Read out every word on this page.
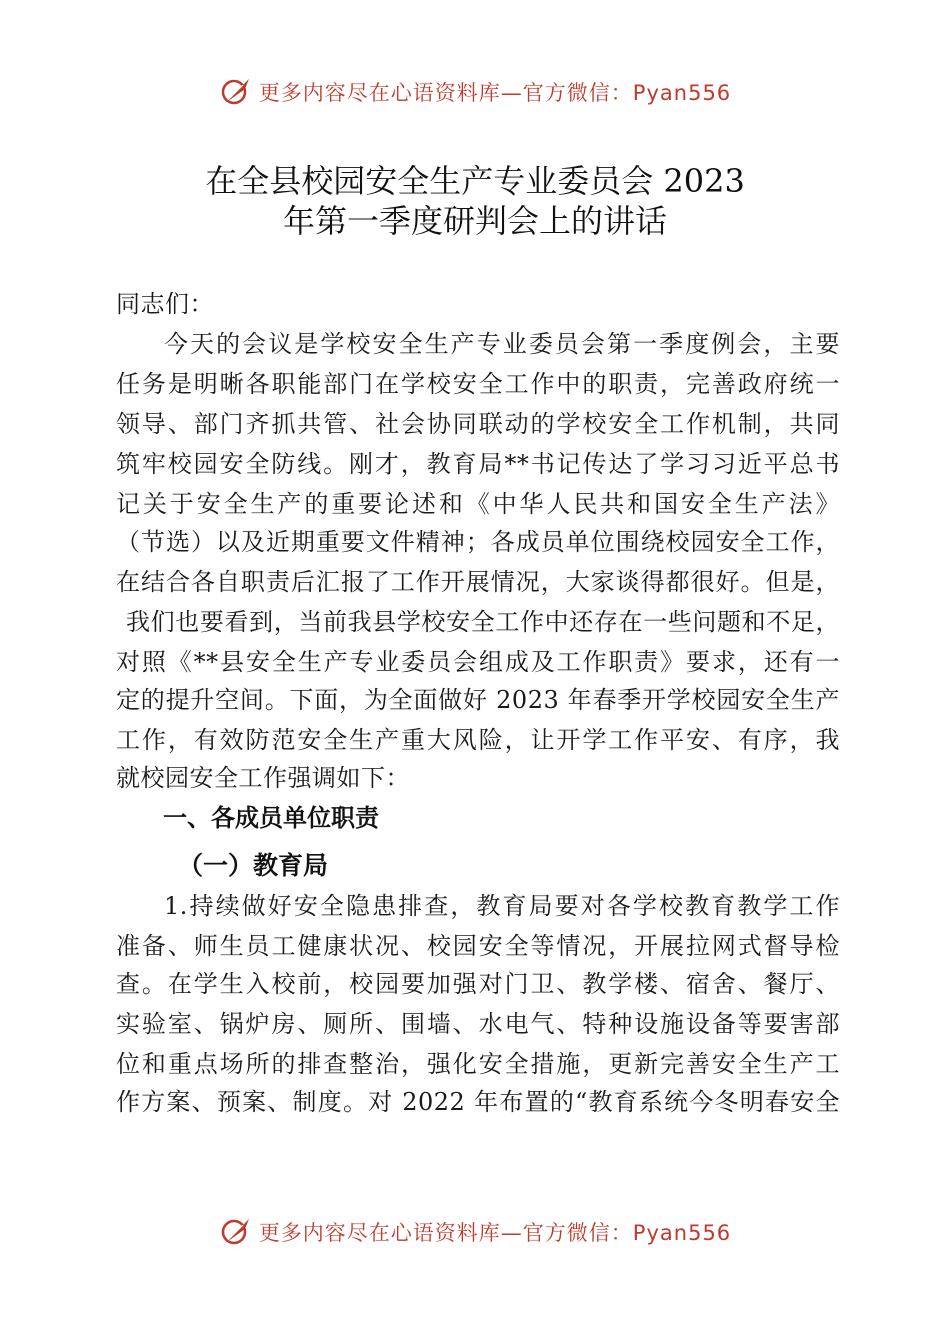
更多内容尽在心语资料库—官方微信：Pyan556
在全县校园安全生产专业委员会 2023
年第一季度研判会上的讲话
同志们：
今天的会议是学校安全生产专业委员会第一季度例会，主要
任务是明晰各职能部门在学校安全工作中的职责，完善政府统一
领导、部门齐抓共管、社会协同联动的学校安全工作机制，共同
筑牢校园安全防线。刚才，教育局**书记传达了学习习近平总书
记关于安全生产的重要论述和《中华人民共和国安全生产法》
（节选）以及近期重要文件精神；各成员单位围绕校园安全工作，
在结合各自职责后汇报了工作开展情况，大家谈得都很好。但是，
我们也要看到，当前我县学校安全工作中还存在一些问题和不足，
对照《**县安全生产专业委员会组成及工作职责》要求，还有一
定的提升空间。下面，为全面做好 2023 年春季开学校园安全生产
工作，有效防范安全生产重大风险，让开学工作平安、有序，我
就校园安全工作强调如下：
一、各成员单位职责
（一）教育局
1.持续做好安全隐患排查，教育局要对各学校教育教学工作
准备、师生员工健康状况、校园安全等情况，开展拉网式督导检
查。在学生入校前，校园要加强对门卫、教学楼、宿舍、餐厅、
实验室、锅炉房、厕所、围墙、水电气、特种设施设备等要害部
位和重点场所的排查整治，强化安全措施，更新完善安全生产工
作方案、预案、制度。对 2022 年布置的“教育系统今冬明春安全
更多内容尽在心语资料库—官方微信：Pyan556
